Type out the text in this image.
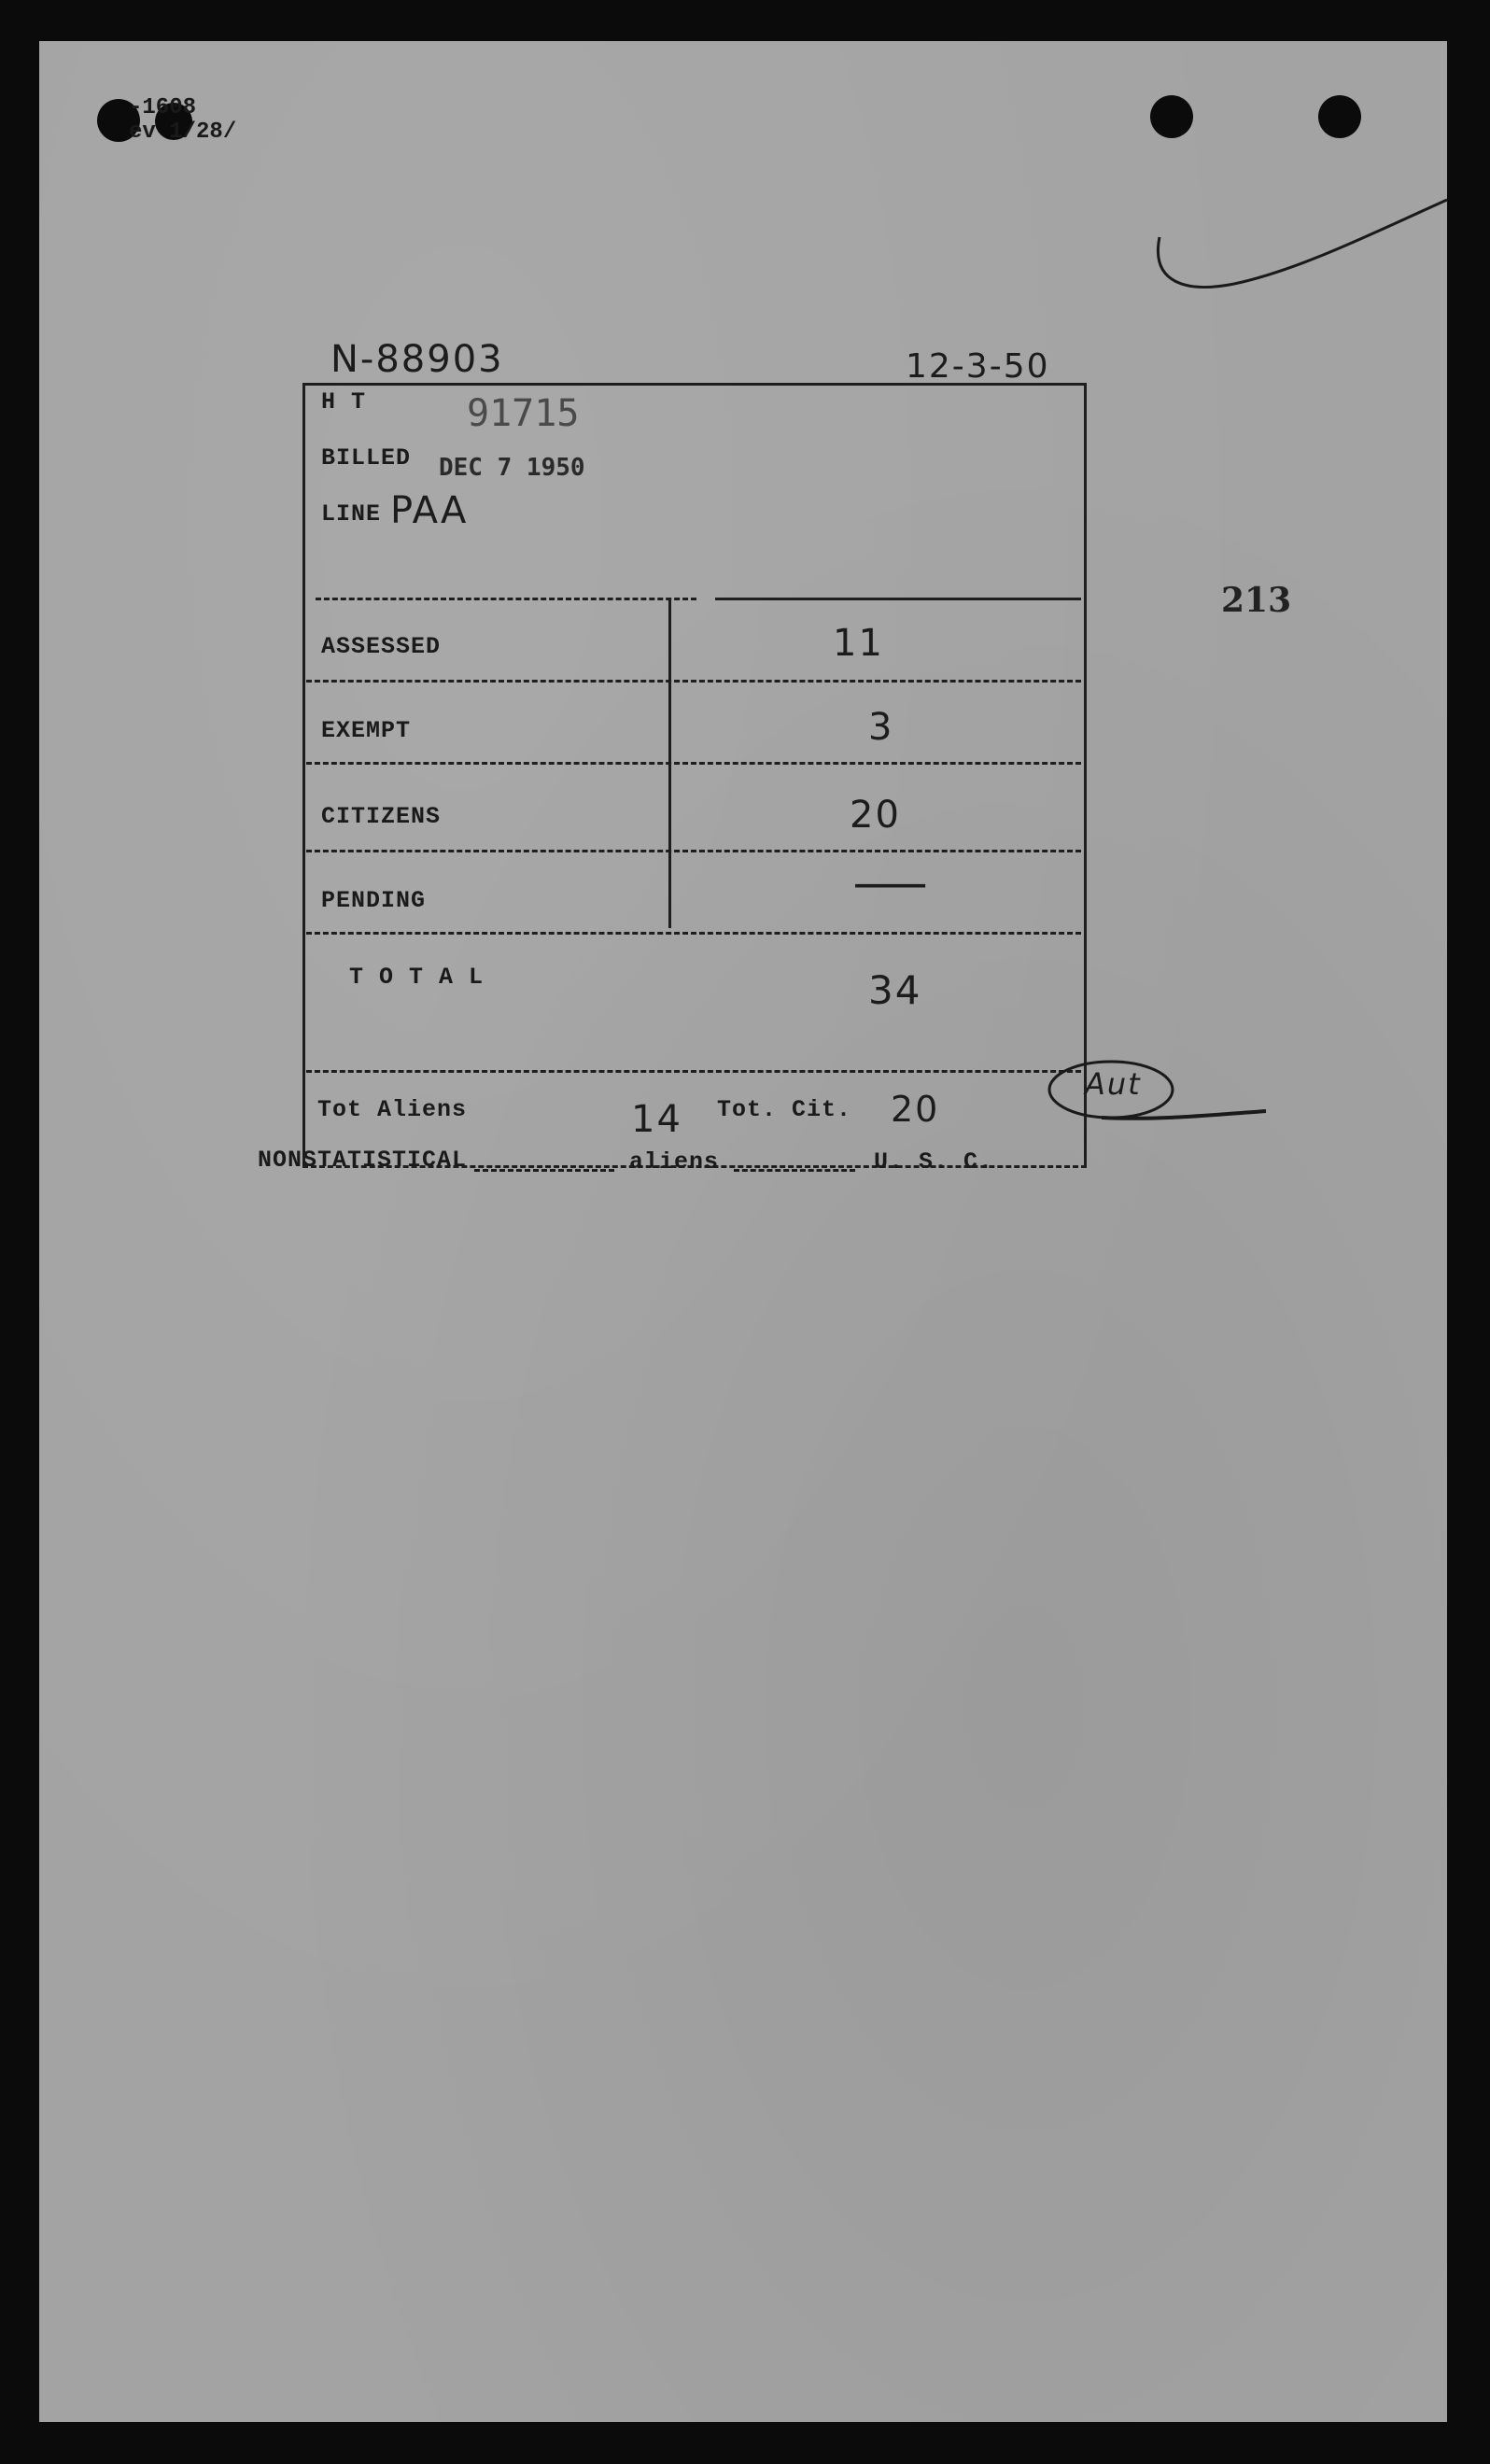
-1608
ev 1/28/
N-88903	12-3-50
213
H T	91715
BILLED DEC 7 1950
LINE PAA
ASSESSED	11
EXEMPT	3
CITIZENS	20
PENDING	—
T O T A L	34
Tot Aliens	14 Tot. Cit. 20
Aut
NONSTATISTICAL	aliens	U. S. C.
